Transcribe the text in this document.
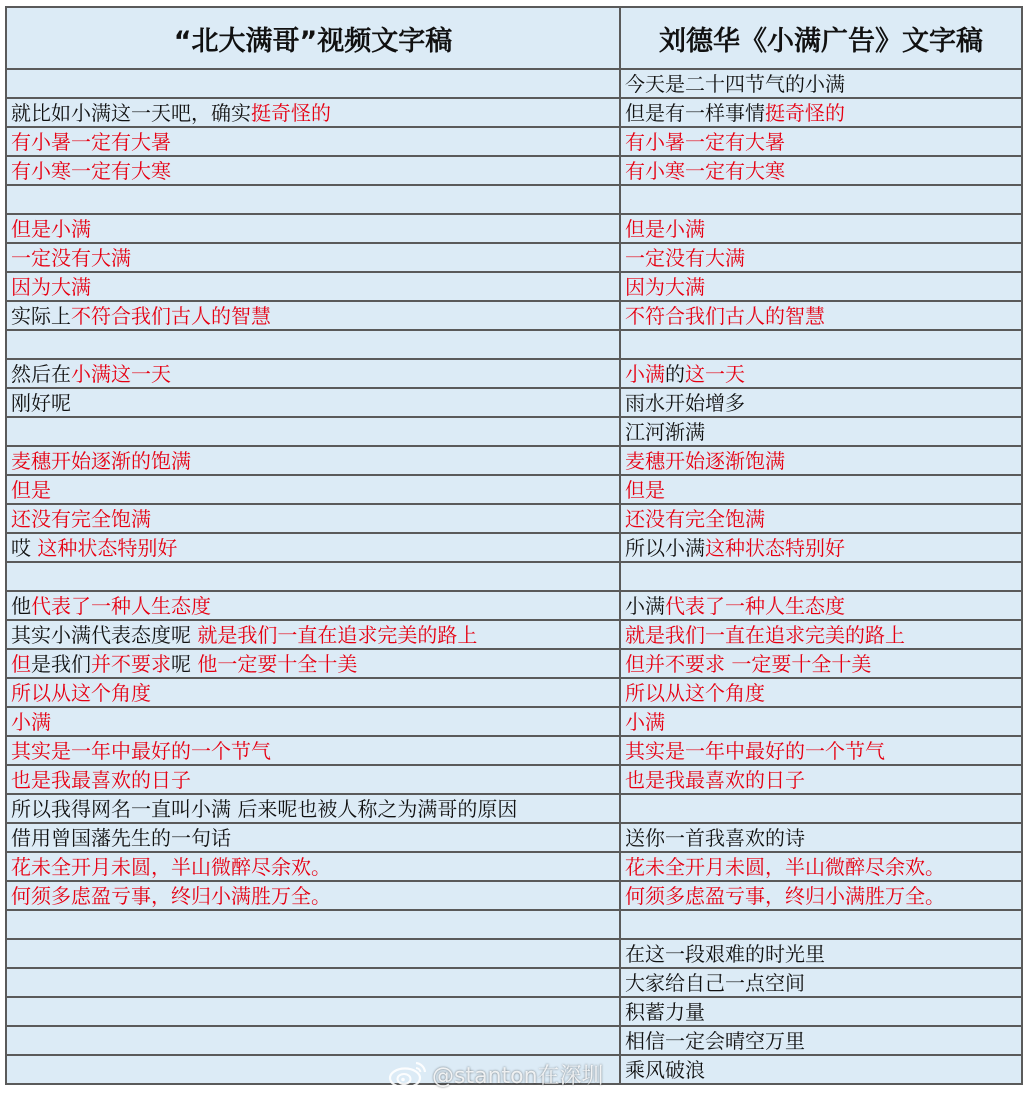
“北大满哥”视频文字稿	刘德华《小满广告》文字稿
	今天是二十四节气的小满
就比如小满这一天吧，确实挺奇怪的	但是有一样事情挺奇怪的
有小暑一定有大暑	有小暑一定有大暑
有小寒一定有大寒	有小寒一定有大寒

但是小满	但是小满
一定没有大满	一定没有大满
因为大满	因为大满
实际上不符合我们古人的智慧	不符合我们古人的智慧

然后在小满这一天	小满的这一天
刚好呢	雨水开始增多
	江河渐满
麦穗开始逐渐的饱满	麦穗开始逐渐饱满
但是	但是
还没有完全饱满	还没有完全饱满
哎 这种状态特别好	所以小满这种状态特别好

他代表了一种人生态度	小满代表了一种人生态度
其实小满代表态度呢 就是我们一直在追求完美的路上	就是我们一直在追求完美的路上
但是我们并不要求呢 他一定要十全十美	但并不要求 一定要十全十美
所以从这个角度	所以从这个角度
小满	小满
其实是一年中最好的一个节气	其实是一年中最好的一个节气
也是我最喜欢的日子	也是我最喜欢的日子
所以我得网名一直叫小满 后来呢也被人称之为满哥的原因	
借用曾国藩先生的一句话	送你一首我喜欢的诗
花未全开月未圆，半山微醉尽余欢。	花未全开月未圆，半山微醉尽余欢。
何须多虑盈亏事，终归小满胜万全。	何须多虑盈亏事，终归小满胜万全。

	在这一段艰难的时光里
	大家给自己一点空间
	积蓄力量
	相信一定会晴空万里
	乘风破浪
@stanton在深圳
